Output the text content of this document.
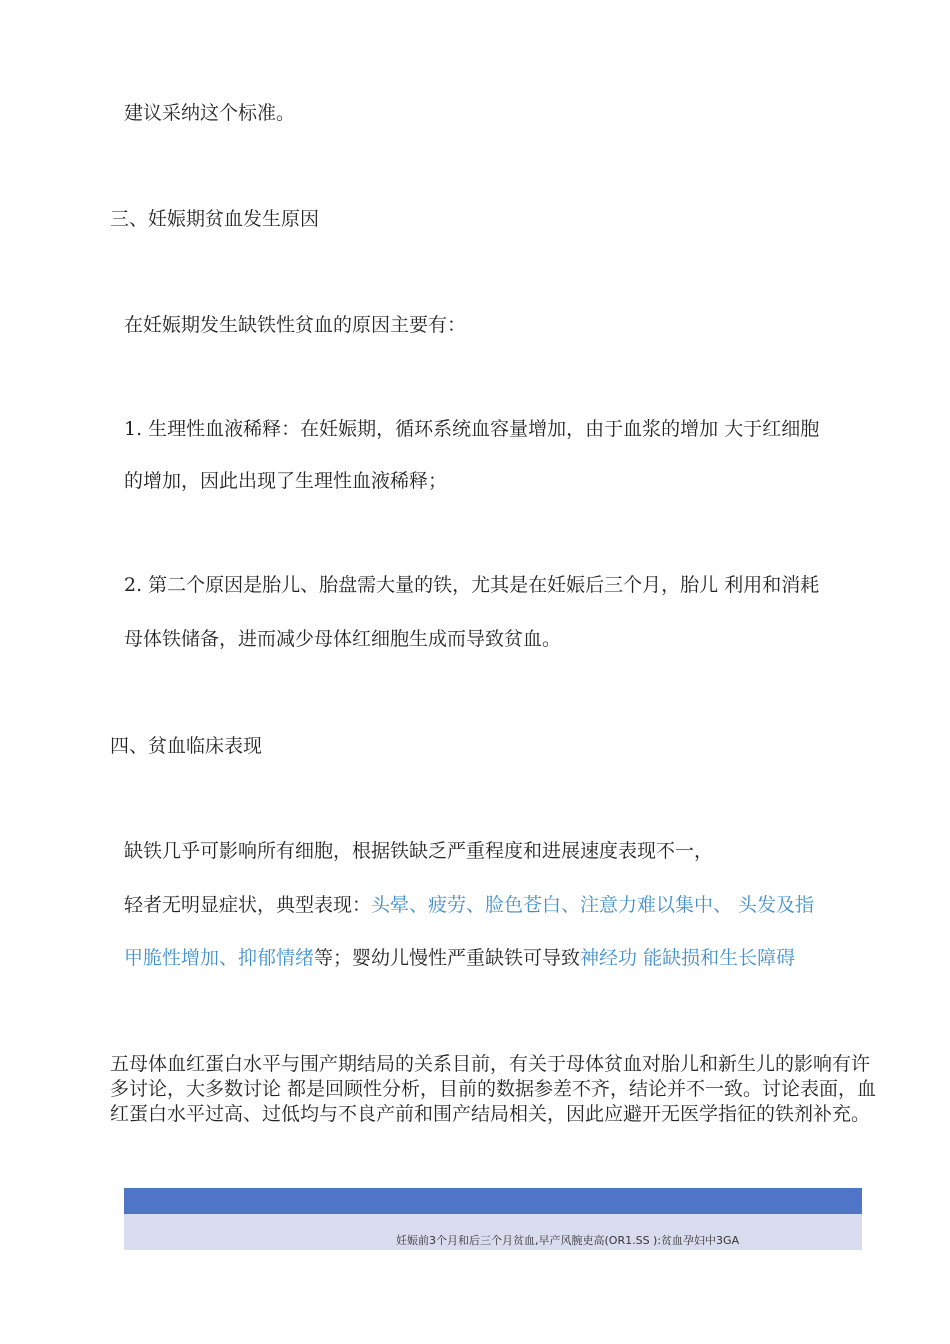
建议采纳这个标准。
三、妊娠期贫血发生原因
在妊娠期发生缺铁性贫血的原因主要有：
1. 生理性血液稀释：在妊娠期，循环系统血容量增加，由于血浆的增加 大于红细胞
的增加，因此出现了生理性血液稀释；
2. 第二个原因是胎儿、胎盘需大量的铁，尤其是在妊娠后三个月，胎儿 利用和消耗
母体铁储备，进而减少母体红细胞生成而导致贫血。
四、贫血临床表现
缺铁几乎可影响所有细胞，根据铁缺乏严重程度和进展速度表现不一，
轻者无明显症状，典型表现：头晕、疲劳、脸色苍白、注意力难以集中、 头发及指
甲脆性增加、抑郁情绪等；婴幼儿慢性严重缺铁可导致神经功 能缺损和生长障碍
五母体血红蛋白水平与围产期结局的关系目前，有关于母体贫血对胎儿和新生儿的影响有许多讨论，大多数讨论 都是回顾性分析，目前的数据参差不齐，结论并不一致。讨论表面，血 红蛋白水平过高、过低均与不良产前和围产结局相关，因此应避开无医学指征的铁剂补充。
妊娠前3个月和后三个月贫血,早产风腕吏高(OR1.SS ):贫血孕妇中3GA
